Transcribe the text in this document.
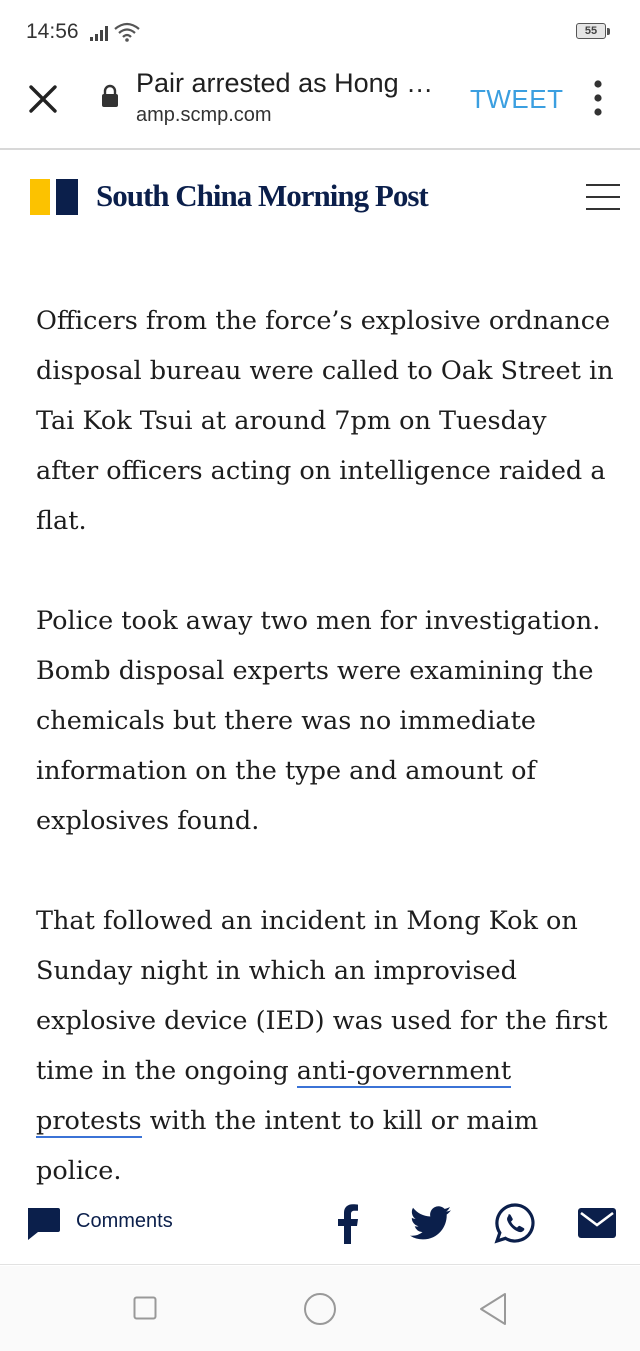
14:56	55
Pair arrested as Hong …
amp.scmp.com
TWEET
South China Morning Post

Officers from the force’s explosive ordnance disposal bureau were called to Oak Street in Tai Kok Tsui at around 7pm on Tuesday after officers acting on intelligence raided a flat.

Police took away two men for investigation. Bomb disposal experts were examining the chemicals but there was no immediate information on the type and amount of explosives found.

That followed an incident in Mong Kok on Sunday night in which an improvised explosive device (IED) was used for the first time in the ongoing anti-government protests with the intent to kill or maim police.

Comments
